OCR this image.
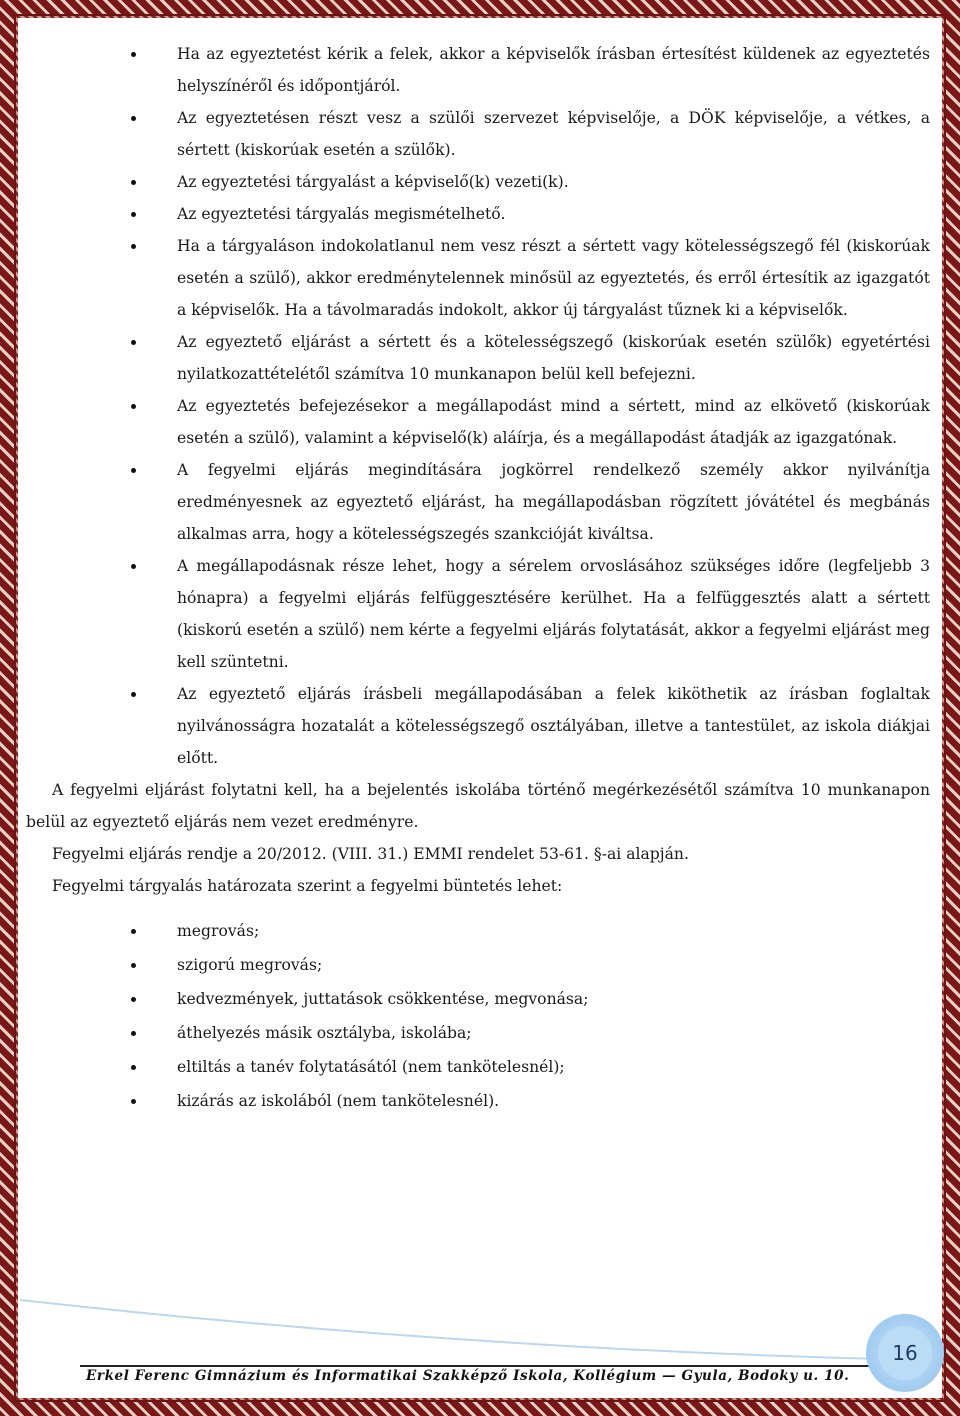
Ha az egyeztetést kérik a felek, akkor a képviselők írásban értesítést küldenek az egyeztetés helyszínéről és időpontjáról.
Az egyeztetésen részt vesz a szülői szervezet képviselője, a DÖK képviselője, a vétkes, a sértett (kiskorúak esetén a szülők).
Az egyeztetési tárgyalást a képviselő(k) vezeti(k).
Az egyeztetési tárgyalás megismételhető.
Ha a tárgyaláson indokolatlanul nem vesz részt a sértett vagy kötelességszegő fél (kiskorúak esetén a szülő), akkor eredménytelennek minősül az egyeztetés, és erről értesítik az igazgatót a képviselők. Ha a távolmaradás indokolt, akkor új tárgyalást tűznek ki a képviselők.
Az egyeztető eljárást a sértett és a kötelességszegő (kiskorúak esetén szülők) egyetértési nyilatkozattételétől számítva 10 munkanapon belül kell befejezni.
Az egyeztetés befejezésekor a megállapodást mind a sértett, mind az elkövető (kiskorúak esetén a szülő), valamint a képviselő(k) aláírja, és a megállapodást átadják az igazgatónak.
A fegyelmi eljárás megindítására jogkörrel rendelkező személy akkor nyilvánítja eredményesnek az egyeztető eljárást, ha megállapodásban rögzített jóvátétel és megbánás alkalmas arra, hogy a kötelességszegés szankcióját kiváltsa.
A megállapodásnak része lehet, hogy a sérelem orvoslásához szükséges időre (legfeljebb 3 hónapra) a fegyelmi eljárás felfüggesztésére kerülhet. Ha a felfüggesztés alatt a sértett (kiskorú esetén a szülő) nem kérte a fegyelmi eljárás folytatását, akkor a fegyelmi eljárást meg kell szüntetni.
Az egyeztető eljárás írásbeli megállapodásában a felek kiköthetik az írásban foglaltak nyilvánosságra hozatalát a kötelességszegő osztályában, illetve a tantestület, az iskola diákjai előtt.

A fegyelmi eljárást folytatni kell, ha a bejelentés iskolába történő megérkezésétől számítva 10 munkanapon belül az egyeztető eljárás nem vezet eredményre.

Fegyelmi eljárás rendje a 20/2012. (VIII. 31.) EMMI rendelet 53-61. §-ai alapján.

Fegyelmi tárgyalás határozata szerint a fegyelmi büntetés lehet:

megrovás;
szigorú megrovás;
kedvezmények, juttatások csökkentése, megvonása;
áthelyezés másik osztályba, iskolába;
eltiltás a tanév folytatásától (nem tankötelesnél);
kizárás az iskolából (nem tankötelesnél).
Erkel Ferenc Gimnázium és Informatikai Szakképző Iskola, Kollégium — Gyula, Bodoky u. 10.
16
